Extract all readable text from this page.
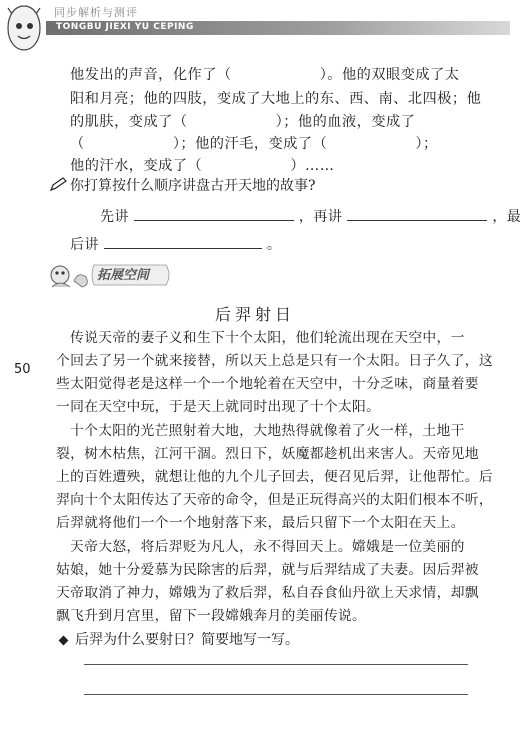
同步解析与测评
TONGBU JIEXI YU CEPING
他发出的声音，化作了（　　　　　　）。他的双眼变成了太
阳和月亮；他的四肢，变成了大地上的东、西、南、北四极；他
的肌肤，变成了（　　　　　　）；他的血液，变成了
（　　　　　　）；他的汗毛，变成了（　　　　　　）；
他的汗水，变成了（　　　　　　）……
你打算按什么顺序讲盘古开天地的故事?
先讲	，再讲	，最
后讲	。
拓展空间
后羿射日
50
传说天帝的妻子义和生下十个太阳，他们轮流出现在天空中，一
个回去了另一个就来接替，所以天上总是只有一个太阳。日子久了，这
些太阳觉得老是这样一个一个地轮着在天空中，十分乏味，商量着要
一同在天空中玩，于是天上就同时出现了十个太阳。
十个太阳的光芒照射着大地，大地热得就像着了火一样，土地干
裂，树木枯焦，江河干涸。烈日下，妖魔都趁机出来害人。天帝见地
上的百姓遭殃，就想让他的九个儿子回去，便召见后羿，让他帮忙。后
羿向十个太阳传达了天帝的命令，但是正玩得高兴的太阳们根本不听，
后羿就将他们一个一个地射落下来，最后只留下一个太阳在天上。
天帝大怒，将后羿贬为凡人，永不得回天上。嫦娥是一位美丽的
姑娘，她十分爱慕为民除害的后羿，就与后羿结成了夫妻。因后羿被
天帝取消了神力，嫦娥为了救后羿，私自吞食仙丹欲上天求情，却飘
后羿为什么要射日？简要地写一写。
飘飞升到月宫里，留下一段嫦娥奔月的美丽传说。
